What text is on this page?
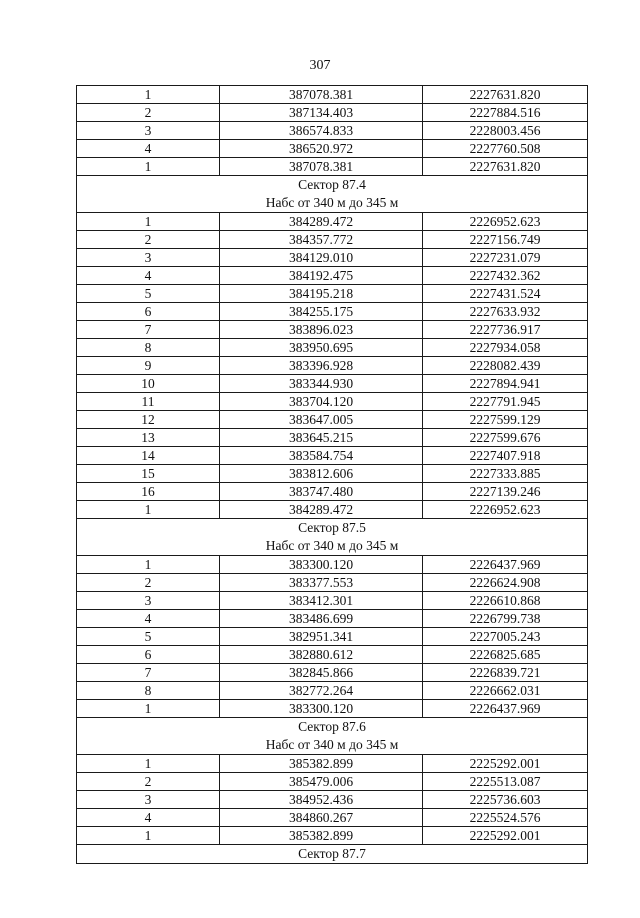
307
1	387078.381	2227631.820
2	387134.403	2227884.516
3	386574.833	2228003.456
4	386520.972	2227760.508
1	387078.381	2227631.820
Сектор 87.4		
Набс от 340 м до 345 м		
1	384289.472	2226952.623
2	384357.772	2227156.749
3	384129.010	2227231.079
4	384192.475	2227432.362
5	384195.218	2227431.524
6	384255.175	2227633.932
7	383896.023	2227736.917
8	383950.695	2227934.058
9	383396.928	2228082.439
10	383344.930	2227894.941
11	383704.120	2227791.945
12	383647.005	2227599.129
13	383645.215	2227599.676
14	383584.754	2227407.918
15	383812.606	2227333.885
16	383747.480	2227139.246
1	384289.472	2226952.623
Сектор 87.5		
Набс от 340 м до 345 м		
1	383300.120	2226437.969
2	383377.553	2226624.908
3	383412.301	2226610.868
4	383486.699	2226799.738
5	382951.341	2227005.243
6	382880.612	2226825.685
7	382845.866	2226839.721
8	382772.264	2226662.031
1	383300.120	2226437.969
Сектор 87.6		
Набс от 340 м до 345 м		
1	385382.899	2225292.001
2	385479.006	2225513.087
3	384952.436	2225736.603
4	384860.267	2225524.576
1	385382.899	2225292.001
Сектор 87.7		
